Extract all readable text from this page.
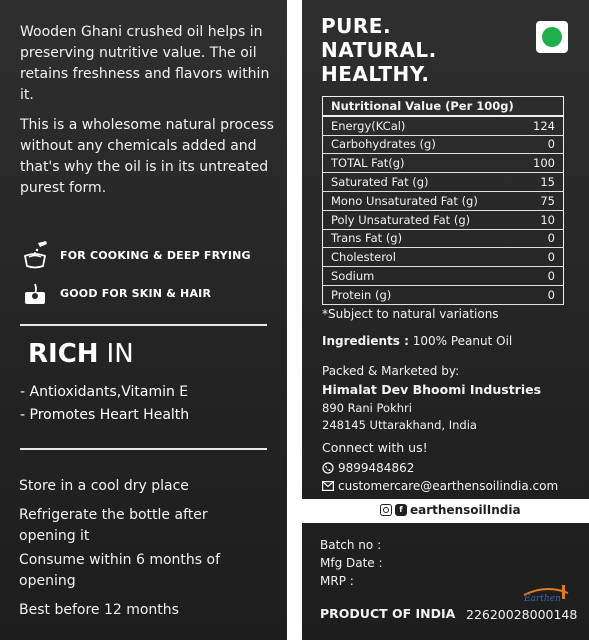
Wooden Ghani crushed oil helps in preserving nutritive value. The oil retains freshness and flavors within it.

This is a wholesome natural process without any chemicals added and that's why the oil is in its untreated purest form.

FOR COOKING & DEEP FRYING
GOOD FOR SKIN & HAIR
RICH IN
- Antioxidants,Vitamin E
- Promotes Heart Health

Store in a cool dry place

Refrigerate the bottle after opening it

Consume within 6 months of opening

Best before 12 months

PURE.
NATURAL.
HEALTHY.
Nutritional Value (Per 100g)	
Energy(KCal)	124
Carbohydrates (g)	0
TOTAL Fat(g)	100
Saturated Fat (g)	15
Mono Unsaturated Fat (g)	75
Poly Unsaturated Fat (g)	10
Trans Fat (g)	0
Cholesterol	0
Sodium	0
Protein (g)	0
*Subject to natural variations
Ingredients : 100% Peanut Oil
Packed & Marketed by:
Himalat Dev Bhoomi Industries
890 Rani Pokhri
248145 Uttarakhand, India
Connect with us!
9899484862
customercare@earthensoilindia.com
f earthensoilIndia
Batch no :
Mfg Date :
MRP :
Earthen
PRODUCT OF INDIA 22620028000148
